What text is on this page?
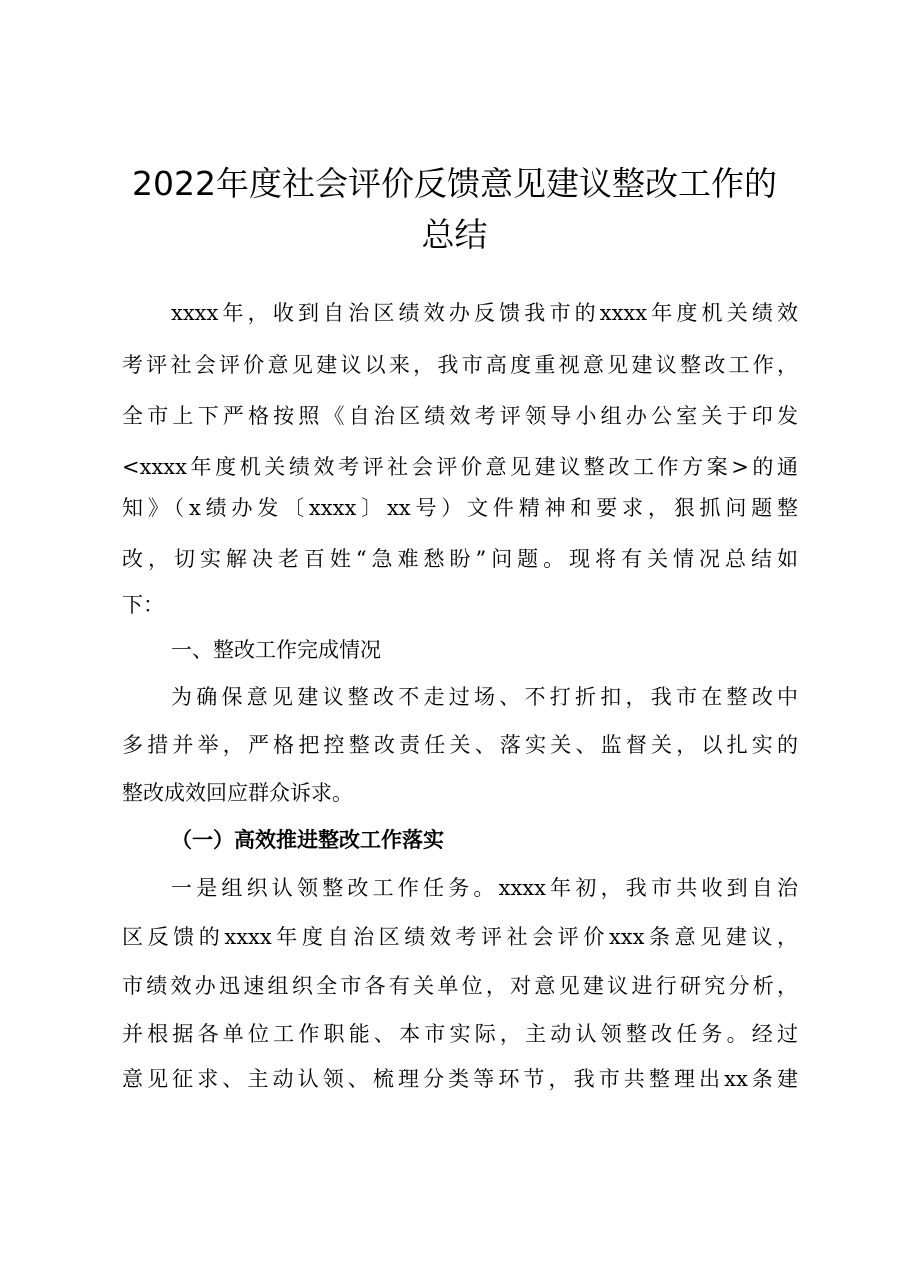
2022年度社会评价反馈意见建议整改工作的
总结
xxxx年，收到自治区绩效办反馈我市的xxxx年度机关绩效
考评社会评价意见建议以来，我市高度重视意见建议整改工作，
全市上下严格按照《自治区绩效考评领导小组办公室关于印发
<xxxx年度机关绩效考评社会评价意见建议整改工作方案>的通
知》（x绩办发〔xxxx〕xx号）文件精神和要求，狠抓问题整
改，切实解决老百姓“急难愁盼”问题。现将有关情况总结如
下：
一、整改工作完成情况
为确保意见建议整改不走过场、不打折扣，我市在整改中
多措并举，严格把控整改责任关、落实关、监督关，以扎实的
整改成效回应群众诉求。
（一）高效推进整改工作落实
一是组织认领整改工作任务。xxxx年初，我市共收到自治
区反馈的xxxx年度自治区绩效考评社会评价xxx条意见建议，
市绩效办迅速组织全市各有关单位，对意见建议进行研究分析，
并根据各单位工作职能、本市实际，主动认领整改任务。经过
意见征求、主动认领、梳理分类等环节，我市共整理出xx条建
